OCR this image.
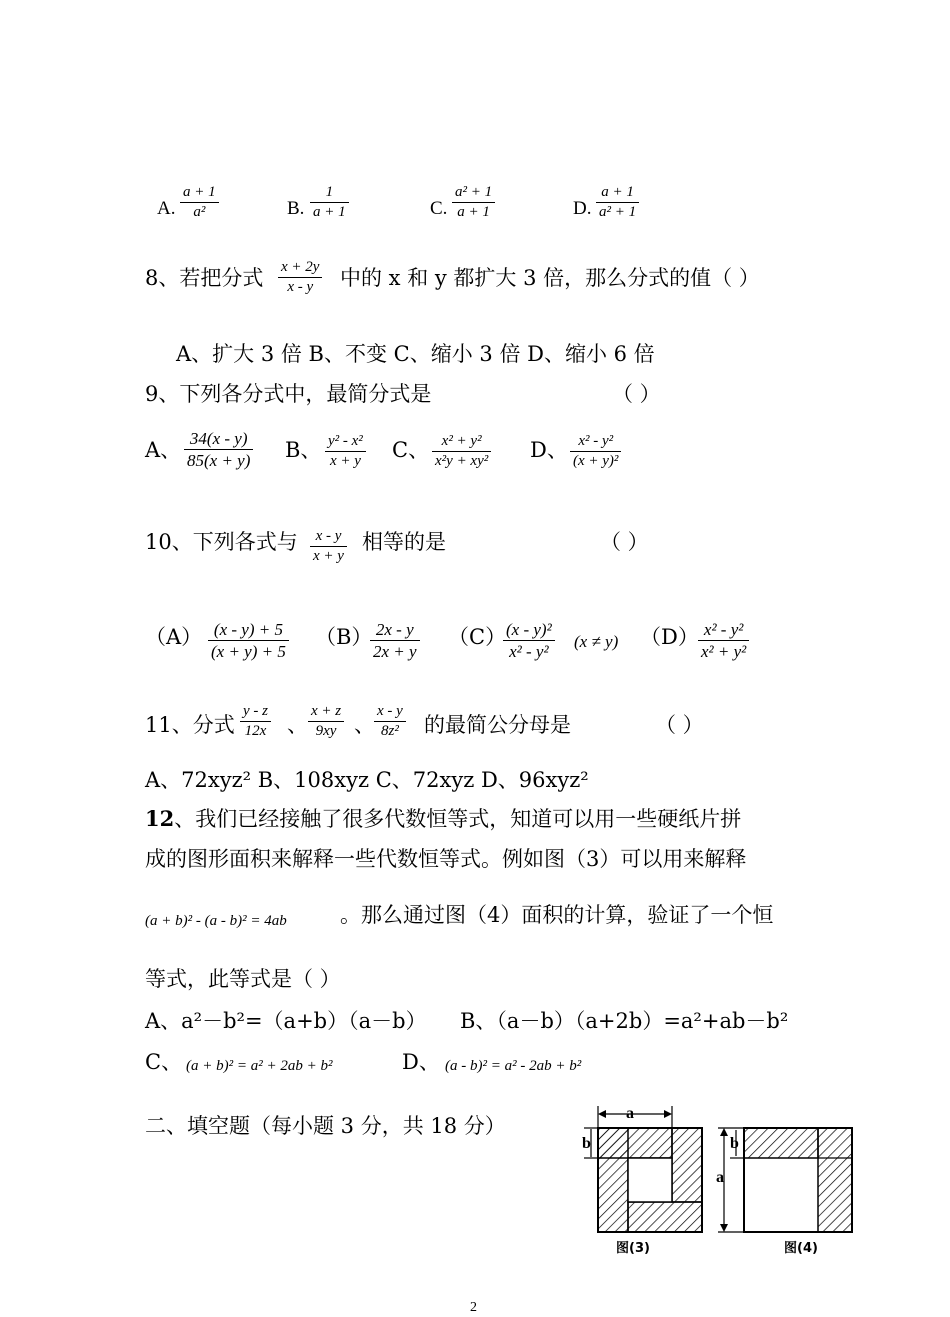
A. $\frac{a + 1}{\text{a²}}$	B. $\frac{1}{a + 1}$	C. $\frac{\text{a² + 1}}{a + 1}$	D. $\frac{a + 1}{\text{a² + 1}}$
8、若把分式 $\frac{x + 2y}{x - y}$ 中的 x 和 y 都扩大 3 倍，那么分式的值（ ）
A、扩大 3 倍 B、不变 C、缩小 3 倍 D、缩小 6 倍
9、下列各分式中，最简分式是	（ ）
A、 $\frac{34(x - y)}{85(x + y)}$ B、 $\frac{\text{y² - x²}}{x + y}$ C、 $\frac{\text{x² + y²}}{\text{x²y + xy²}}$ D、 $\frac{\text{x² - y²}}{\text{(x + y)²}}$
10、下列各式与 $\frac{x - y}{x + y}$ 相等的是	（ ）
$(A) \frac{(x - y) + 5}{(x + y) + 5} (B)$
$\frac{2x - y}{2x + y} (C)$
$\frac{\text{(x - y)²}}{\text{x² - y²}} (x \ne y)$ $(D) \frac{\text{x² - y²}}{\text{x² + y²}}$
11、分式 $\frac{y - z}{12x}$ 、 $\frac{x + z}{9xy}$ 、 $\frac{x - y}{\text{8z²}}$ 的最简公分母是	（ ）
A、72xyz² B、108xyz C、72xyz D、96xyz²
12、我们已经接触了很多代数恒等式，知道可以用一些硬纸片拼
成的图形面积来解释一些代数恒等式。例如图（3）可以用来解释
(a + b)² - (a - b)² = 4ab	。那么通过图（4）面积的计算，验证了一个恒
等式，此等式是（ ）
A、a²－b²=（a+b）（a－b） B、（a－b）（a+2b）=a²+ab－b²
C、 (a + b)² = a² + 2ab + b²	D、 (a - b)² = a² - 2ab + b²
二、填空题（每小题 3 分，共 18 分）
a
b
图(3)
a
b
图(4)
2
